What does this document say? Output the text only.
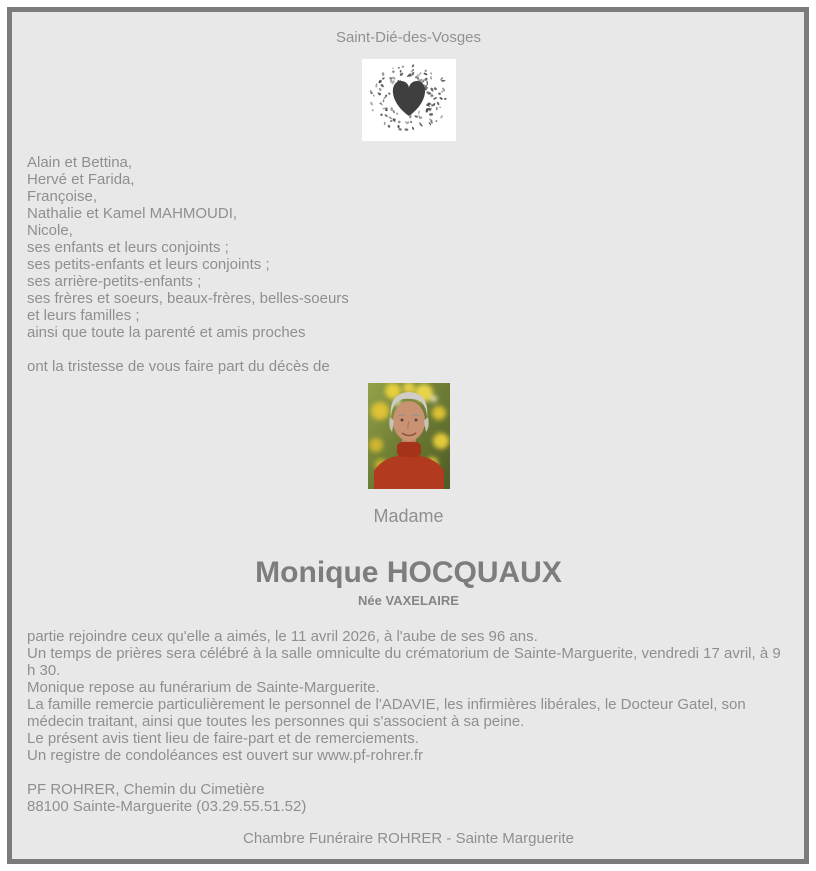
Saint-Dié-des-Vosges
Alain et Bettina,
Hervé et Farida,
Françoise,
Nathalie et Kamel MAHMOUDI,
Nicole,
ses enfants et leurs conjoints ;
ses petits-enfants et leurs conjoints ;
ses arrière-petits-enfants ;
ses frères et soeurs, beaux-frères, belles-soeurs
et leurs familles ;
ainsi que toute la parenté et amis proches
ont la tristesse de vous faire part du décès de
Madame
Monique HOCQUAUX
Née VAXELAIRE
partie rejoindre ceux qu'elle a aimés, le 11 avril 2026, à l'aube de ses 96 ans.
Un temps de prières sera célébré à la salle omniculte du crématorium de Sainte-Marguerite, vendredi 17 avril, à 9 h 30.
Monique repose au funérarium de Sainte-Marguerite.
La famille remercie particulièrement le personnel de l'ADAVIE, les infirmières libérales, le Docteur Gatel, son médecin traitant, ainsi que toutes les personnes qui s'associent à sa peine.
Le présent avis tient lieu de faire-part et de remerciements.
Un registre de condoléances est ouvert sur www.pf-rohrer.fr
PF ROHRER, Chemin du Cimetière
88100 Sainte-Marguerite (03.29.55.51.52)
Chambre Funéraire ROHRER - Sainte Marguerite
